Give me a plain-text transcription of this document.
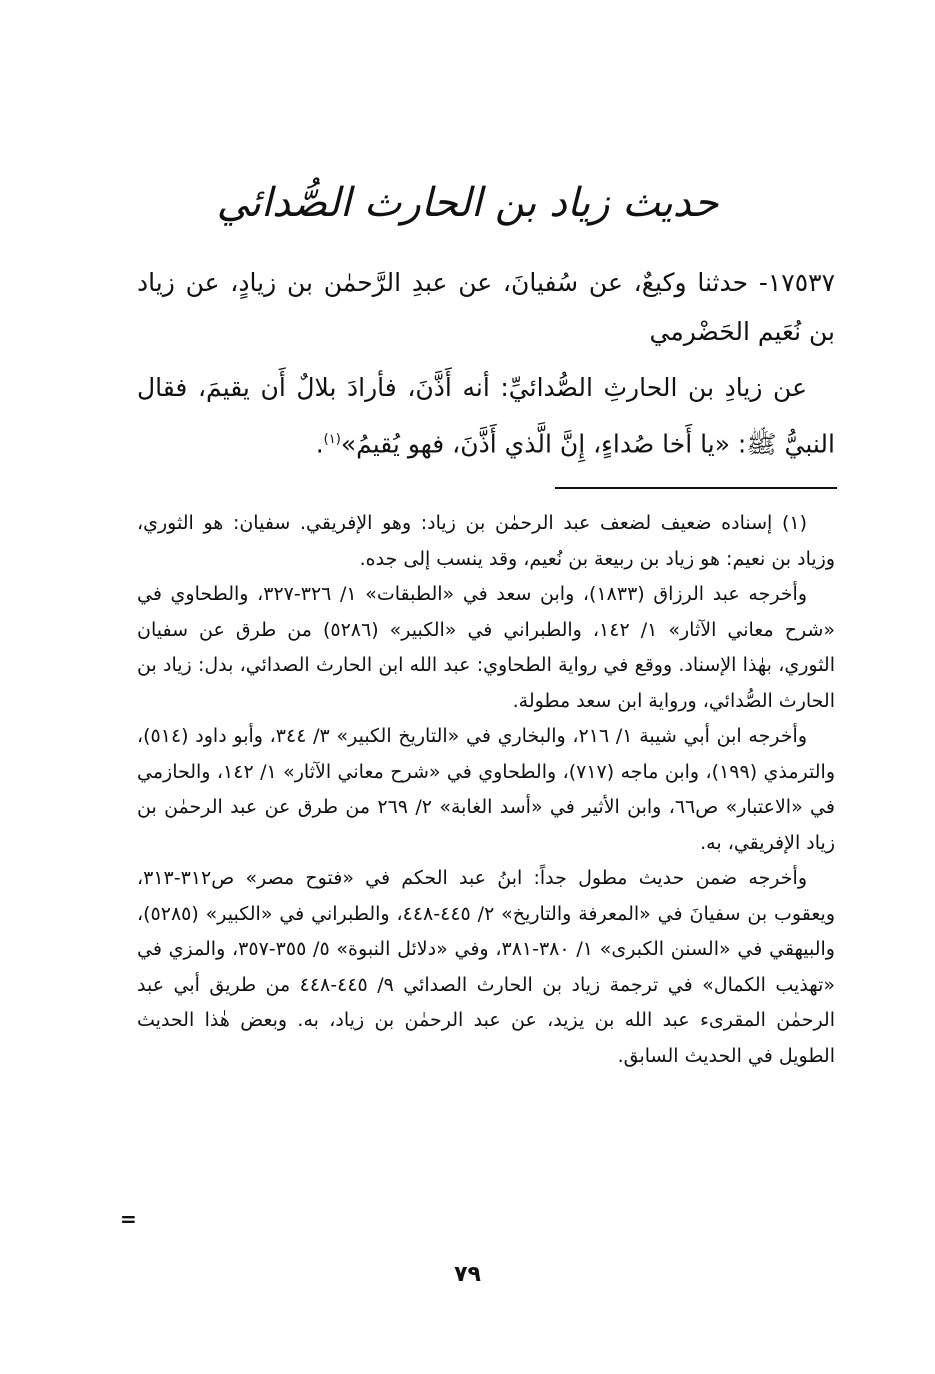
حديث زياد بن الحارث الصُّدائي

١٧٥٣٧- حدثنا وكيعٌ، عن سُفيانَ، عن عبدِ الرَّحمٰن بن زيادٍ، عن زياد بن نُعَيم الحَضْرمي

عن زيادِ بن الحارثِ الصُّدائيِّ: أنه أَذَّنَ، فأرادَ بلالٌ أَن يقيمَ، فقال النبيُّ ﷺ: «يا أَخا صُداءٍ، إِنَّ الَّذي أَذَّنَ، فهو يُقيمُ»$^{(١)}$.

(١) إسناده ضعيف لضعف عبد الرحمٰن بن زياد: وهو الإفريقي. سفيان: هو الثوري، وزياد بن نعيم: هو زياد بن ربيعة بن نُعيم، وقد ينسب إلى جده.

وأخرجه عبد الرزاق (١٨٣٣)، وابن سعد في «الطبقات» ١/ ٣٢٦-٣٢٧، والطحاوي في «شرح معاني الآثار» ١/ ١٤٢، والطبراني في «الكبير» (٥٢٨٦) من طرق عن سفيان الثوري، بهٰذا الإسناد. ووقع في رواية الطحاوي: عبد الله ابن الحارث الصدائي، بدل: زياد بن الحارث الصُّدائي، ورواية ابن سعد مطولة.

وأخرجه ابن أبي شيبة ١/ ٢١٦، والبخاري في «التاريخ الكبير» ٣/ ٣٤٤، وأبو داود (٥١٤)، والترمذي (١٩٩)، وابن ماجه (٧١٧)، والطحاوي في «شرح معاني الآثار» ١/ ١٤٢، والحازمي في «الاعتبار» ص٦٦، وابن الأثير في «أسد الغابة» ٢/ ٢٦٩ من طرق عن عبد الرحمٰن بن زياد الإفريقي، به.

وأخرجه ضمن حديث مطول جداً: ابنُ عبد الحكم في «فتوح مصر» ص٣١٢-٣١٣، ويعقوب بن سفيانَ في «المعرفة والتاريخ» ٢/ ٤٤٥-٤٤٨، والطبراني في «الكبير» (٥٢٨٥)، والبيهقي في «السنن الكبرى» ١/ ٣٨٠-٣٨١، وفي «دلائل النبوة» ٥/ ٣٥٥-٣٥٧، والمزي في «تهذيب الكمال» في ترجمة زياد بن الحارث الصدائي ٩/ ٤٤٥-٤٤٨ من طريق أبي عبد الرحمٰن المقرىء عبد الله بن يزيد، عن عبد الرحمٰن بن زياد، به. وبعض هٰذا الحديث الطويل في الحديث السابق.

=
٧٩
